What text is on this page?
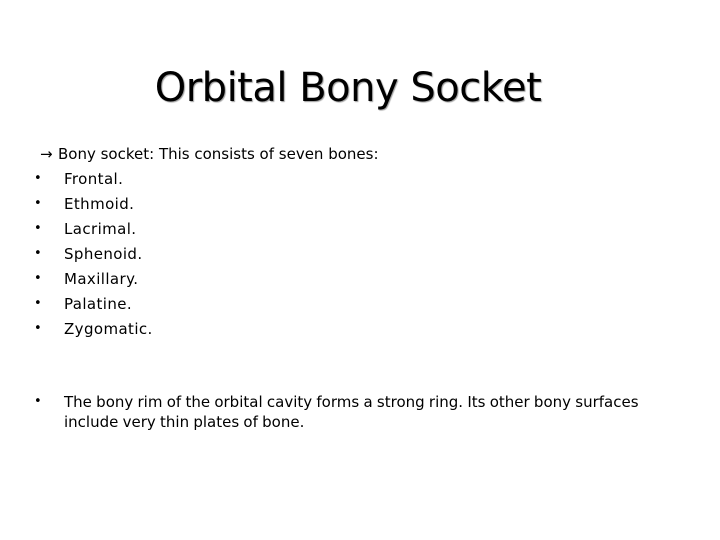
Orbital Bony Socket
→ Bony socket: This consists of seven bones:
•	Frontal.
•	Ethmoid.
•	Lacrimal.
•	Sphenoid.
•	Maxillary.
•	Palatine.
•	Zygomatic.
•	The bony rim of the orbital cavity forms a strong ring. Its other bony surfaces include very thin plates of bone.
